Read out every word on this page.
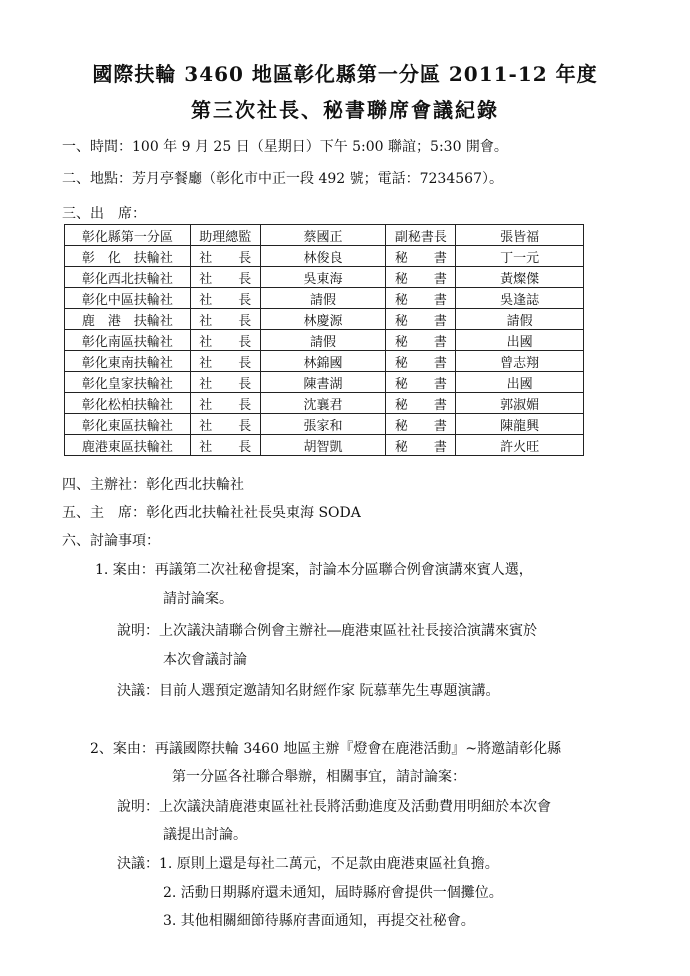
國際扶輪 3460 地區彰化縣第一分區 2011-12 年度
第三次社長、秘書聯席會議紀錄
一、時間：100 年 9 月 25 日（星期日）下午 5:00 聯誼；5:30 開會。
二、地點：芳月亭餐廳（彰化市中正一段 492 號；電話：7234567）。
三、出　席：
彰化縣第一分區	助理總監	蔡國正	副秘書長	張皆福
彰　化　扶輪社	社　　長	林俊良	秘　　書	丁一元
彰化西北扶輪社	社　　長	吳東海	秘　　書	黃燦傑
彰化中區扶輪社	社　　長	請假	秘　　書	吳逢誌
鹿　港　扶輪社	社　　長	林慶源	秘　　書	請假
彰化南區扶輪社	社　　長	請假	秘　　書	出國
彰化東南扶輪社	社　　長	林錦國	秘　　書	曾志翔
彰化皇家扶輪社	社　　長	陳書湖	秘　　書	出國
彰化松柏扶輪社	社　　長	沈襄君	秘　　書	郭淑媚
彰化東區扶輪社	社　　長	張家和	秘　　書	陳龍興
鹿港東區扶輪社	社　　長	胡智凱	秘　　書	許火旺
四、主辦社：彰化西北扶輪社
五、主　席：彰化西北扶輪社社長吳東海 SODA
六、討論事項：
1. 案由：再議第二次社秘會提案，討論本分區聯合例會演講來賓人選，
請討論案。
說明：上次議決請聯合例會主辦社―鹿港東區社社長接洽演講來賓於
本次會議討論
決議：目前人選預定邀請知名財經作家 阮慕華先生專題演講。
2、案由：再議國際扶輪 3460 地區主辦『燈會在鹿港活動』~將邀請彰化縣
第一分區各社聯合舉辦，相關事宜，請討論案：
說明：上次議決請鹿港東區社社長將活動進度及活動費用明細於本次會
議提出討論。
決議：1. 原則上還是每社二萬元，不足款由鹿港東區社負擔。
2. 活動日期縣府還未通知，屆時縣府會提供一個攤位。
3. 其他相關細節待縣府書面通知，再提交社秘會。
